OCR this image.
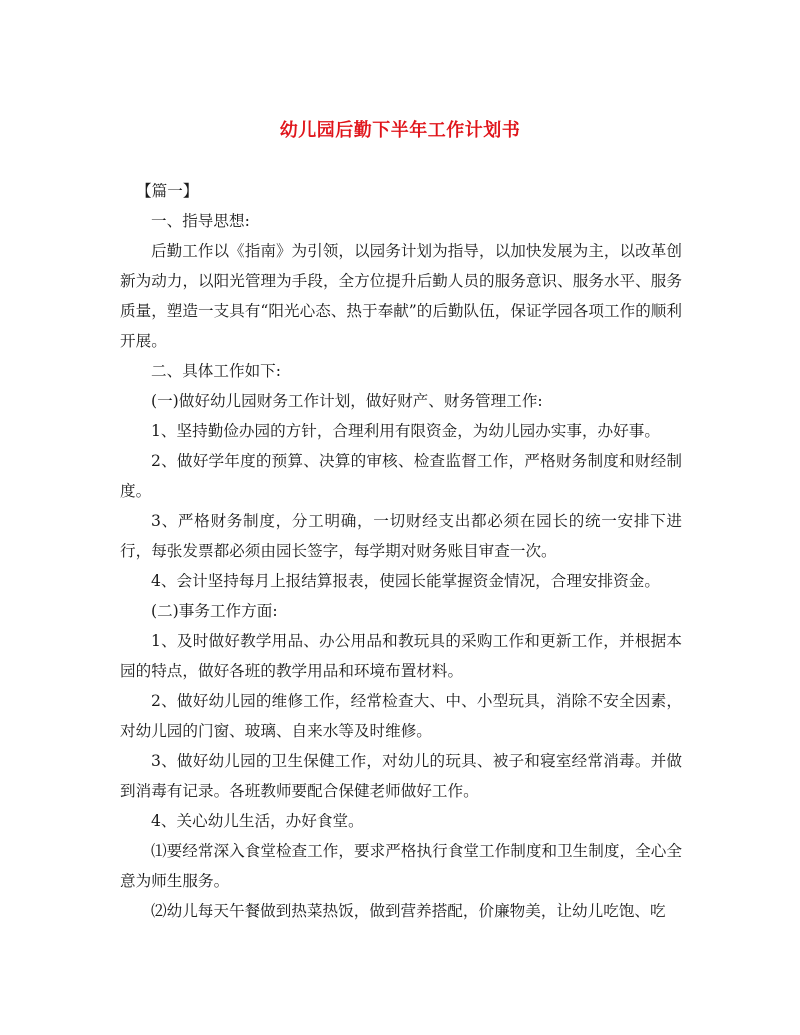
幼儿园后勤下半年工作计划书

【篇一】

一、指导思想:

后勤工作以《指南》为引领，以园务计划为指导，以加快发展为主，以改革创新为动力，以阳光管理为手段，全方位提升后勤人员的服务意识、服务水平、服务质量，塑造一支具有“阳光心态、热于奉献”的后勤队伍，保证学园各项工作的顺利开展。

二、具体工作如下:

(一)做好幼儿园财务工作计划，做好财产、财务管理工作:

1、坚持勤俭办园的方针，合理利用有限资金，为幼儿园办实事，办好事。

2、做好学年度的预算、决算的审核、检查监督工作，严格财务制度和财经制度。

3、严格财务制度，分工明确，一切财经支出都必须在园长的统一安排下进行，每张发票都必须由园长签字，每学期对财务账目审查一次。

4、会计坚持每月上报结算报表，使园长能掌握资金情况，合理安排资金。

(二)事务工作方面:

1、及时做好教学用品、办公用品和教玩具的采购工作和更新工作，并根据本园的特点，做好各班的教学用品和环境布置材料。

2、做好幼儿园的维修工作，经常检查大、中、小型玩具，消除不安全因素，对幼儿园的门窗、玻璃、自来水等及时维修。

3、做好幼儿园的卫生保健工作，对幼儿的玩具、被子和寝室经常消毒。并做到消毒有记录。各班教师要配合保健老师做好工作。

4、关心幼儿生活，办好食堂。

⑴要经常深入食堂检查工作，要求严格执行食堂工作制度和卫生制度，全心全意为师生服务。

⑵幼儿每天午餐做到热菜热饭，做到营养搭配，价廉物美，让幼儿吃饱、吃
